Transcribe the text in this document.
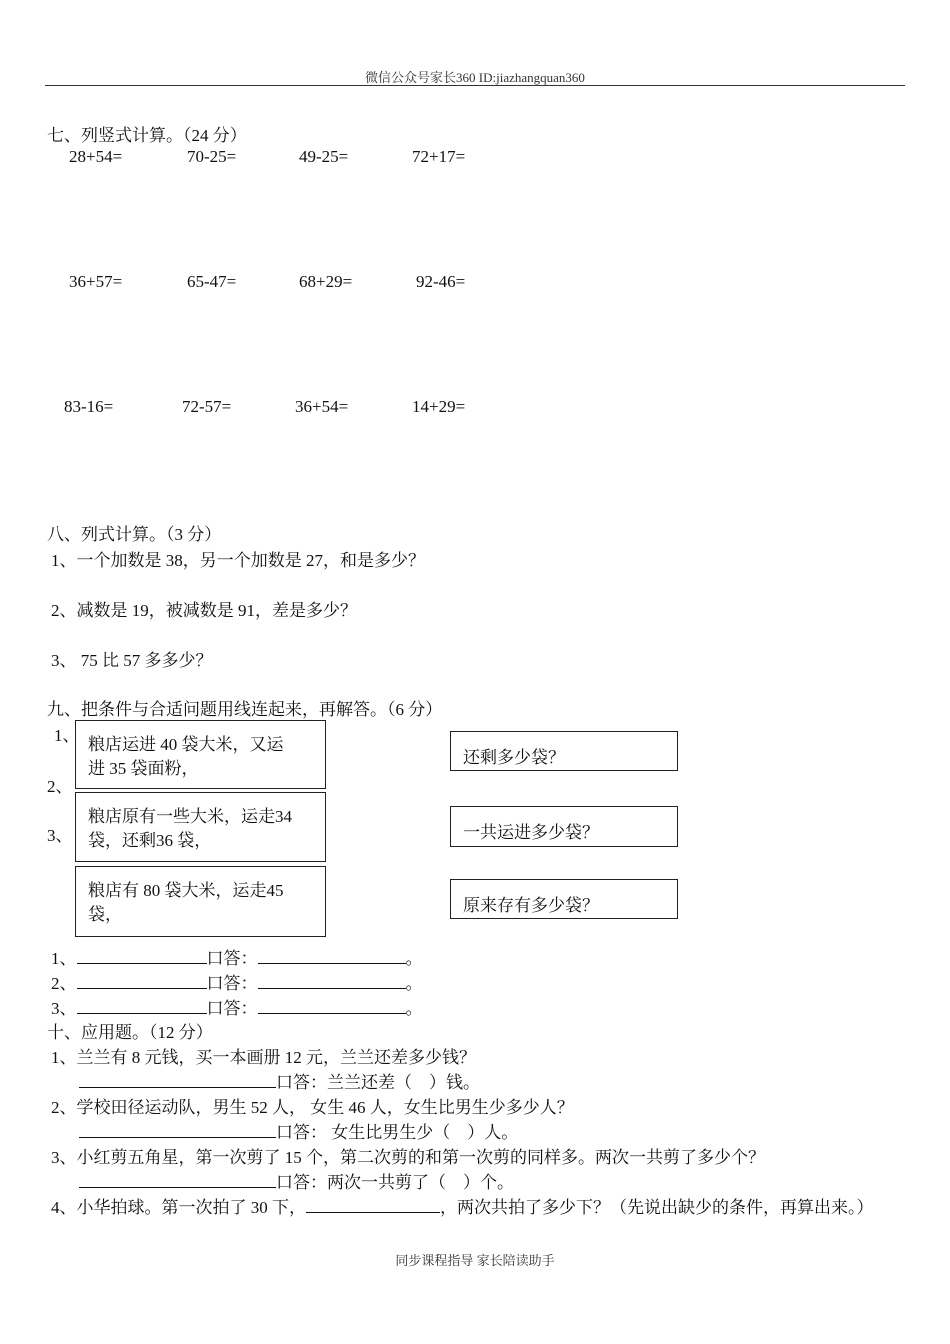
微信公众号家长360 ID:jiazhangquan360
七、列竖式计算。（24 分）
28+54=	70-25=	49-25=	72+17=
36+57=	65-47=	68+29=	92-46=
83-16=	72-57=	36+54=	14+29=
八、列式计算。（3 分）
1、一个加数是 38，另一个加数是 27，和是多少？
2、减数是 19，被减数是 91，差是多少？
3、 75 比 57 多多少？
九、把条件与合适问题用线连起来，再解答。（6 分）
1、
2、
3、
粮店运进 40 袋大米，又运
进 35 袋面粉，
粮店原有一些大米，运走34
袋，还剩36 袋，
粮店有 80 袋大米，运走45
袋，
还剩多少袋？
一共运进多少袋？
原来存有多少袋？
1、	口答：	。
2、	口答：	。
3、	口答：	。
十、应用题。（12 分）
1、兰兰有 8 元钱，买一本画册 12 元，兰兰还差多少钱？
口答：兰兰还差（　）钱。
2、学校田径运动队，男生 52 人， 女生 46 人，女生比男生少多少人？
口答： 女生比男生少（　）人。
3、小红剪五角星，第一次剪了 15 个，第二次剪的和第一次剪的同样多。两次一共剪了多少个？
口答：两次一共剪了（　）个。
4、小华拍球。第一次拍了 30 下，	，两次共拍了多少下？（先说出缺少的条件，再算出来。）
同步课程指导 家长陪读助手
